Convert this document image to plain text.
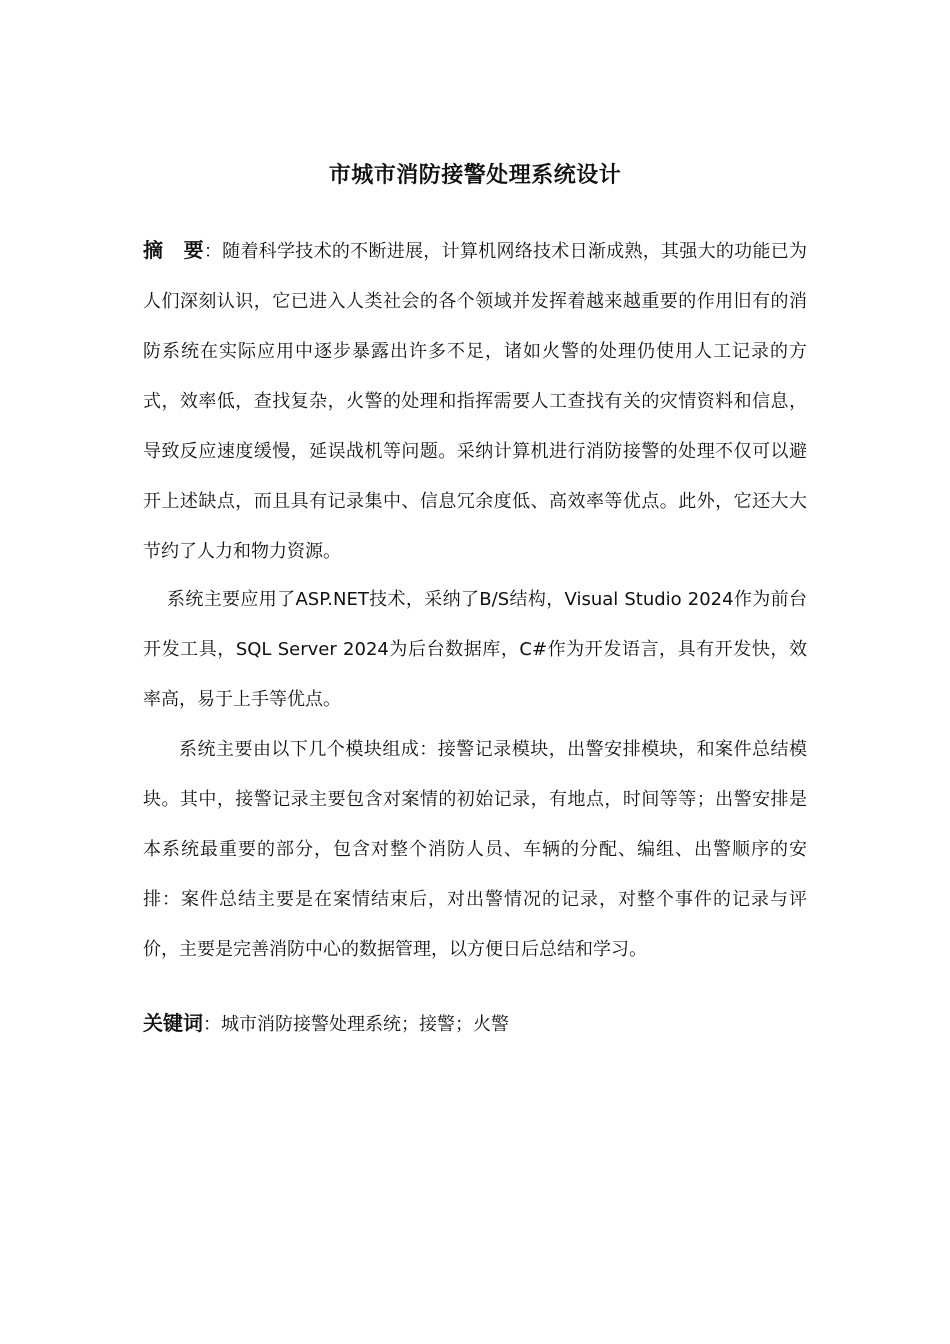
市城市消防接警处理系统设计

摘　要：随着科学技术的不断进展，计算机网络技术日渐成熟，其强大的功能已为人们深刻认识，它已进入人类社会的各个领域并发挥着越来越重要的作用旧有的消防系统在实际应用中逐步暴露出许多不足，诸如火警的处理仍使用人工记录的方式，效率低，查找复杂，火警的处理和指挥需要人工查找有关的灾情资料和信息，导致反应速度缓慢，延误战机等问题。采纳计算机进行消防接警的处理不仅可以避开上述缺点，而且具有记录集中、信息冗余度低、高效率等优点。此外，它还大大节约了人力和物力资源。

系统主要应用了ASP.NET技术，采纳了B/S结构，Visual Studio 2024作为前台开发工具，SQL Server 2024为后台数据库，C#作为开发语言，具有开发快，效率高，易于上手等优点。

系统主要由以下几个模块组成：接警记录模块，出警安排模块，和案件总结模块。其中，接警记录主要包含对案情的初始记录，有地点，时间等等；出警安排是本系统最重要的部分，包含对整个消防人员、车辆的分配、编组、出警顺序的安排：案件总结主要是在案情结束后，对出警情况的记录，对整个事件的记录与评价，主要是完善消防中心的数据管理，以方便日后总结和学习。

关键词：城市消防接警处理系统；接警；火警
